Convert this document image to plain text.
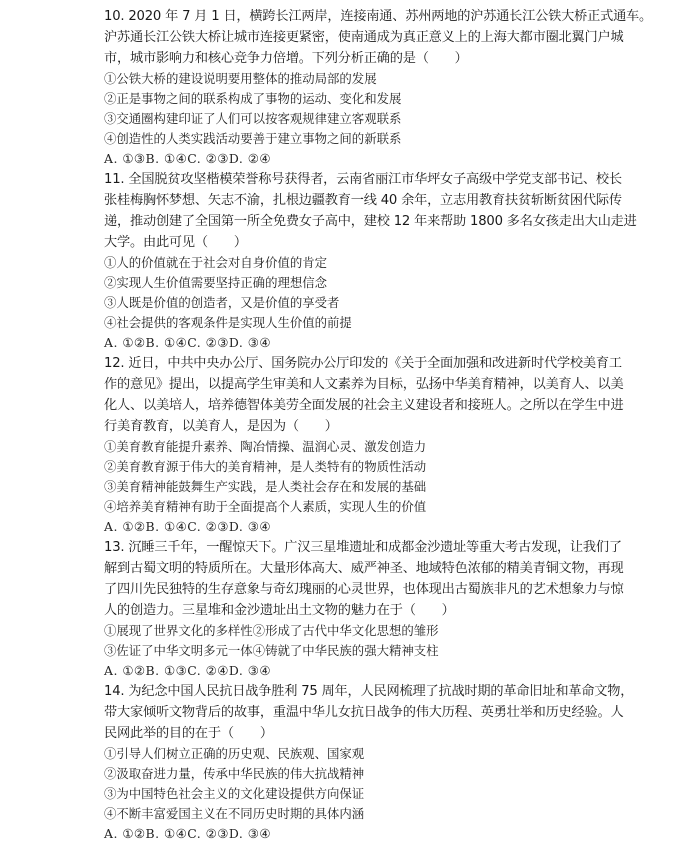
10. 2020 年 7 月 1 日，横跨长江两岸，连接南通、苏州两地的沪苏通长江公铁大桥正式通车。
沪苏通长江公铁大桥让城市连接更紧密，使南通成为真正意义上的上海大都市圈北翼门户城
市，城市影响力和核心竞争力倍增。下列分析正确的是（　　）
①公铁大桥的建设说明要用整体的推动局部的发展
②正是事物之间的联系构成了事物的运动、变化和发展
③交通圈构建印证了人们可以按客观规律建立客观联系
④创造性的人类实践活动要善于建立事物之间的新联系
A. ①③B. ①④C. ②③D. ②④
11. 全国脱贫攻坚楷模荣誉称号获得者，云南省丽江市华坪女子高级中学党支部书记、校长
张桂梅胸怀梦想、矢志不渝，扎根边疆教育一线 40 余年，立志用教育扶贫斩断贫困代际传
递，推动创建了全国第一所全免费女子高中，建校 12 年来帮助 1800 多名女孩走出大山走进
大学。由此可见（　　）
①人的价值就在于社会对自身价值的肯定
②实现人生价值需要坚持正确的理想信念
③人既是价值的创造者，又是价值的享受者
④社会提供的客观条件是实现人生价值的前提
A. ①②B. ①④C. ②③D. ③④
12. 近日，中共中央办公厅、国务院办公厅印发的《关于全面加强和改进新时代学校美育工
作的意见》提出，以提高学生审美和人文素养为目标，弘扬中华美育精神，以美育人、以美
化人、以美培人，培养德智体美劳全面发展的社会主义建设者和接班人。之所以在学生中进
行美育教育，以美育人，是因为（　　）
①美育教育能提升素养、陶冶情操、温润心灵、激发创造力
②美育教育源于伟大的美育精神，是人类特有的物质性活动
③美育精神能鼓舞生产实践，是人类社会存在和发展的基础
④培养美育精神有助于全面提高个人素质，实现人生的价值
A. ①②B. ①④C. ②③D. ③④
13. 沉睡三千年，一醒惊天下。广汉三星堆遗址和成都金沙遗址等重大考古发现，让我们了
解到古蜀文明的特质所在。大量形体高大、威严神圣、地域特色浓郁的精美青铜文物，再现
了四川先民独特的生存意象与奇幻瑰丽的心灵世界，也体现出古蜀族非凡的艺术想象力与惊
人的创造力。三星堆和金沙遗址出土文物的魅力在于（　　）
①展现了世界文化的多样性②形成了古代中华文化思想的雏形
③佐证了中华文明多元一体④铸就了中华民族的强大精神支柱
A. ①②B. ①③C. ②④D. ③④
14. 为纪念中国人民抗日战争胜利 75 周年，人民网梳理了抗战时期的革命旧址和革命文物，
带大家倾听文物背后的故事，重温中华儿女抗日战争的伟大历程、英勇壮举和历史经验。人
民网此举的目的在于（　　）
①引导人们树立正确的历史观、民族观、国家观
②汲取奋进力量，传承中华民族的伟大抗战精神
③为中国特色社会主义的文化建设提供方向保证
④不断丰富爱国主义在不同历史时期的具体内涵
A. ①②B. ①④C. ②③D. ③④
